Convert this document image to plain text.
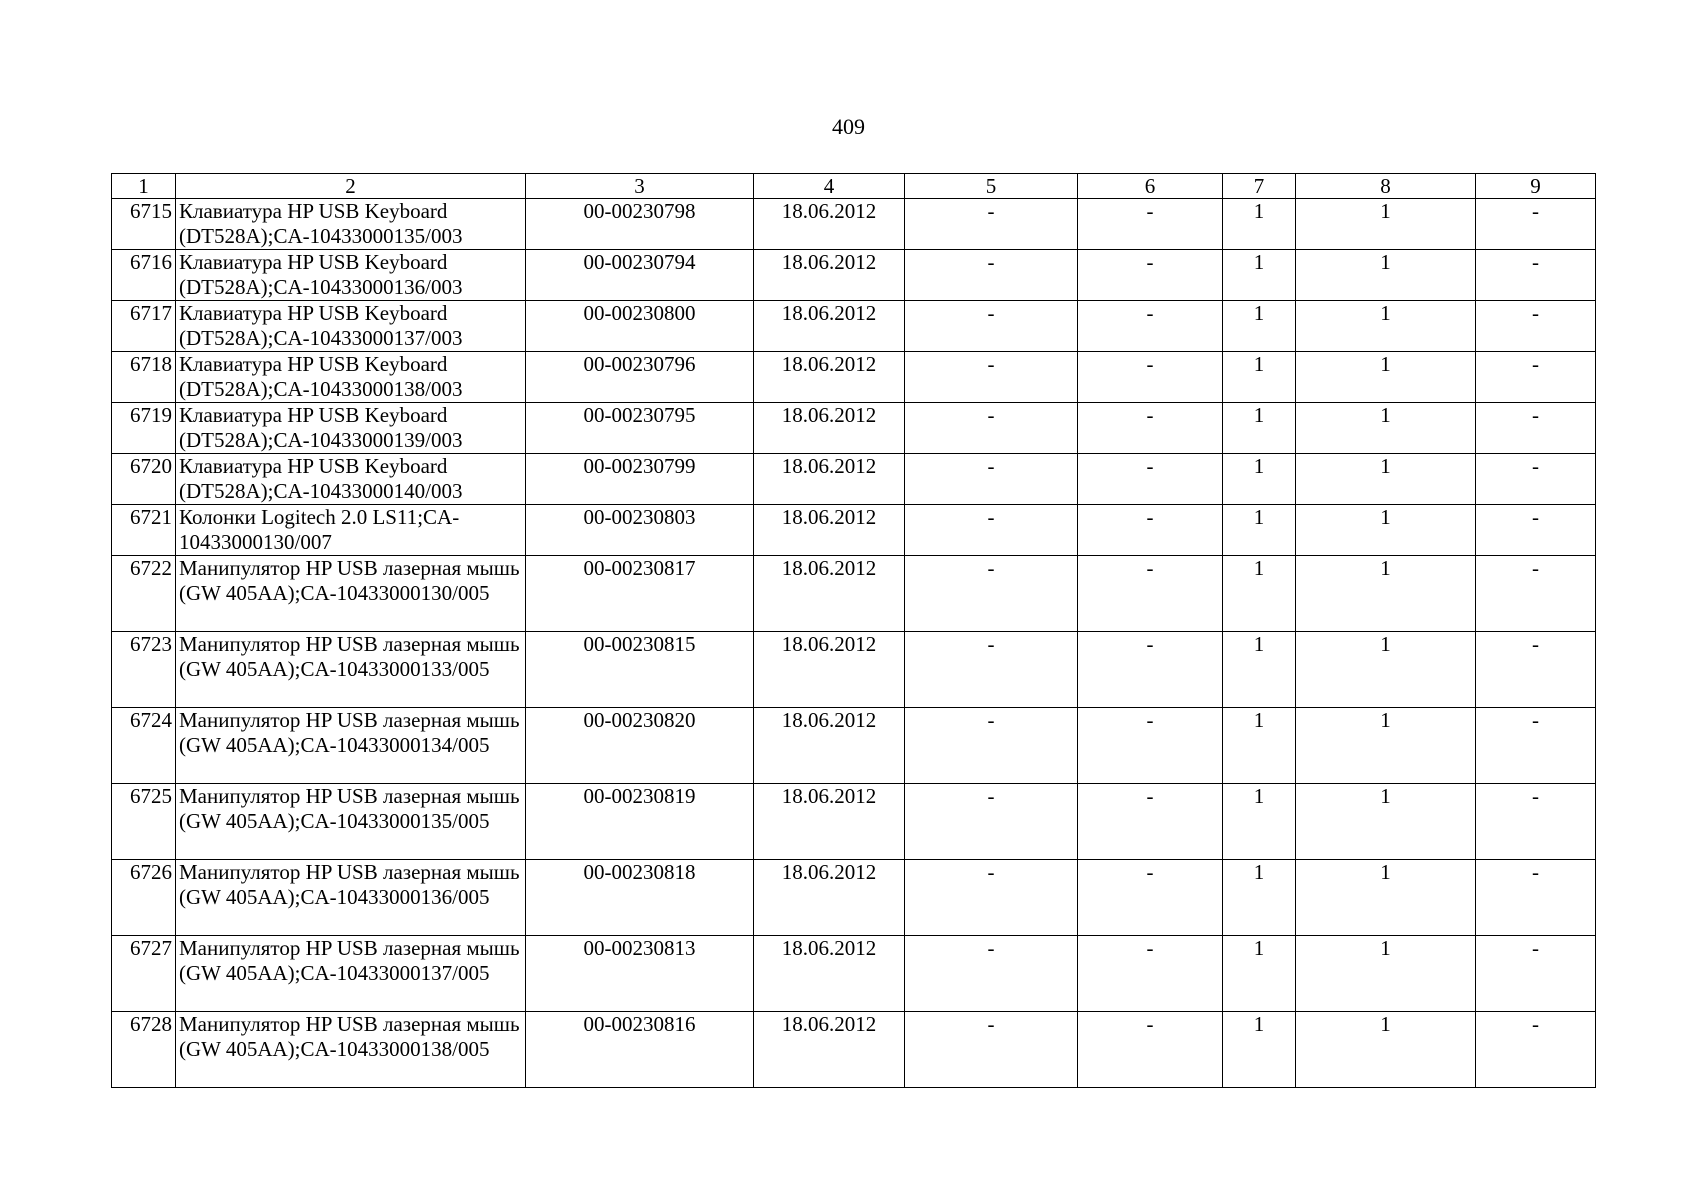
409
1	2	3	4	5	6	7	8	9
6715	Клавиатура HP USB Keyboard (DT528A);CA-10433000135/003	00-00230798	18.06.2012	-	-	1	1	-
6716	Клавиатура HP USB Keyboard (DT528A);CA-10433000136/003	00-00230794	18.06.2012	-	-	1	1	-
6717	Клавиатура HP USB Keyboard (DT528A);CA-10433000137/003	00-00230800	18.06.2012	-	-	1	1	-
6718	Клавиатура HP USB Keyboard (DT528A);CA-10433000138/003	00-00230796	18.06.2012	-	-	1	1	-
6719	Клавиатура HP USB Keyboard (DT528A);CA-10433000139/003	00-00230795	18.06.2012	-	-	1	1	-
6720	Клавиатура HP USB Keyboard (DT528A);CA-10433000140/003	00-00230799	18.06.2012	-	-	1	1	-
6721	Колонки Logitech 2.0 LS11;CA-10433000130/007	00-00230803	18.06.2012	-	-	1	1	-
6722	Манипулятор HP USB лазерная мышь (GW 405AA);CA-10433000130/005	00-00230817	18.06.2012	-	-	1	1	-
6723	Манипулятор HP USB лазерная мышь (GW 405AA);CA-10433000133/005	00-00230815	18.06.2012	-	-	1	1	-
6724	Манипулятор HP USB лазерная мышь (GW 405AA);CA-10433000134/005	00-00230820	18.06.2012	-	-	1	1	-
6725	Манипулятор HP USB лазерная мышь (GW 405AA);CA-10433000135/005	00-00230819	18.06.2012	-	-	1	1	-
6726	Манипулятор HP USB лазерная мышь (GW 405AA);CA-10433000136/005	00-00230818	18.06.2012	-	-	1	1	-
6727	Манипулятор HP USB лазерная мышь (GW 405AA);CA-10433000137/005	00-00230813	18.06.2012	-	-	1	1	-
6728	Манипулятор HP USB лазерная мышь (GW 405AA);CA-10433000138/005	00-00230816	18.06.2012	-	-	1	1	-
